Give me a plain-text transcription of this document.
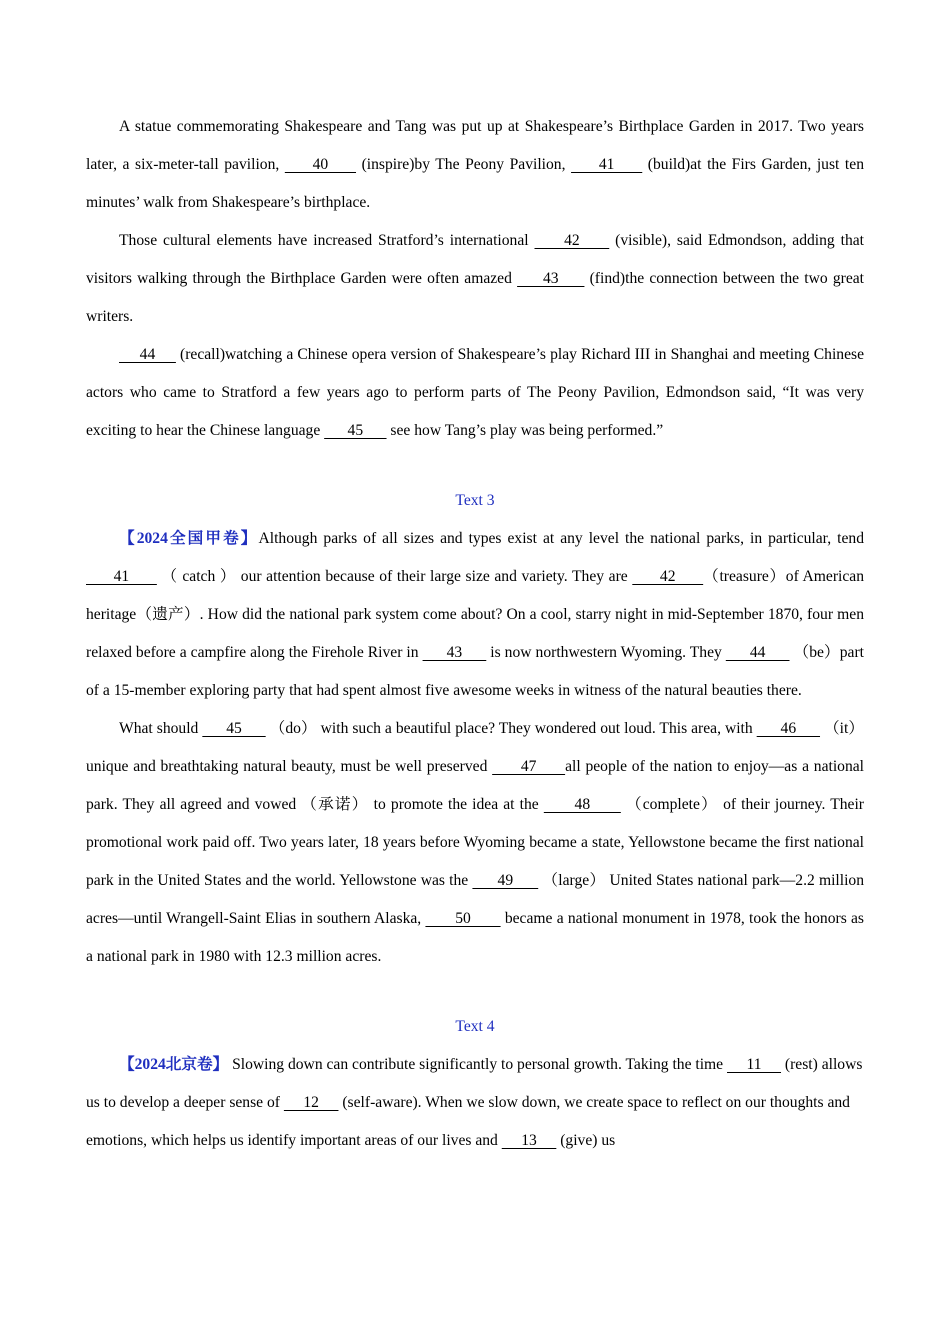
A statue commemorating Shakespeare and Tang was put up at Shakespeare’s Birthplace Garden in 2017. Two years later, a six-meter-tall pavilion,      40      (inspire)by The Peony Pavilion,      41      (build)at the Firs Garden, just ten minutes’ walk from Shakespeare’s birthplace.

Those cultural elements have increased Stratford’s international      42      (visible), said Edmondson, adding that visitors walking through the Birthplace Garden were often amazed      43      (find)the connection between the two great writers.

44      (recall)watching a Chinese opera version of Shakespeare’s play Richard III in Shanghai and meeting Chinese actors who came to Stratford a few years ago to perform parts of The Peony Pavilion, Edmondson said, “It was very exciting to hear the Chinese language       45       see how Tang’s play was being performed.”

Text 3

【2024全国甲卷】Although parks of all sizes and types exist at any level the national parks, in particular, tend       41       （ catch ） our attention because of their large size and variety. They are       42      （treasure）of American heritage（遗产）. How did the national park system come about? On a cool, starry night in mid-September 1870, four men relaxed before a campfire along the Firehole River in       43       is now northwestern Wyoming. They       44       （be）part of a 15-member exploring party that had spent almost five awesome weeks in witness of the natural beauties there.

What should       45       （do） with such a beautiful place? They wondered out loud. This area, with       46       （it） unique and breathtaking natural beauty, must be well preserved       47      all people of the nation to enjoy—as a national park. They all agreed and vowed （承诺） to promote the idea at the       48       （complete） of their journey. Their promotional work paid off. Two years later, 18 years before Wyoming became a state, Yellowstone became the first national park in the United States and the world. Yellowstone was the       49       （large） United States national park—2.2 million acres—until Wrangell-Saint Elias in southern Alaska,        50        became a national monument in 1978, took the honors as a national park in 1980 with 12.3 million acres.

Text 4

【2024北京卷】 Slowing down can contribute significantly to personal growth. Taking the time      11      (rest) allows us to develop a deeper sense of      12      (self-aware). When we slow down, we create space to reflect on our thoughts and emotions, which helps us identify important areas of our lives and      13      (give) us
